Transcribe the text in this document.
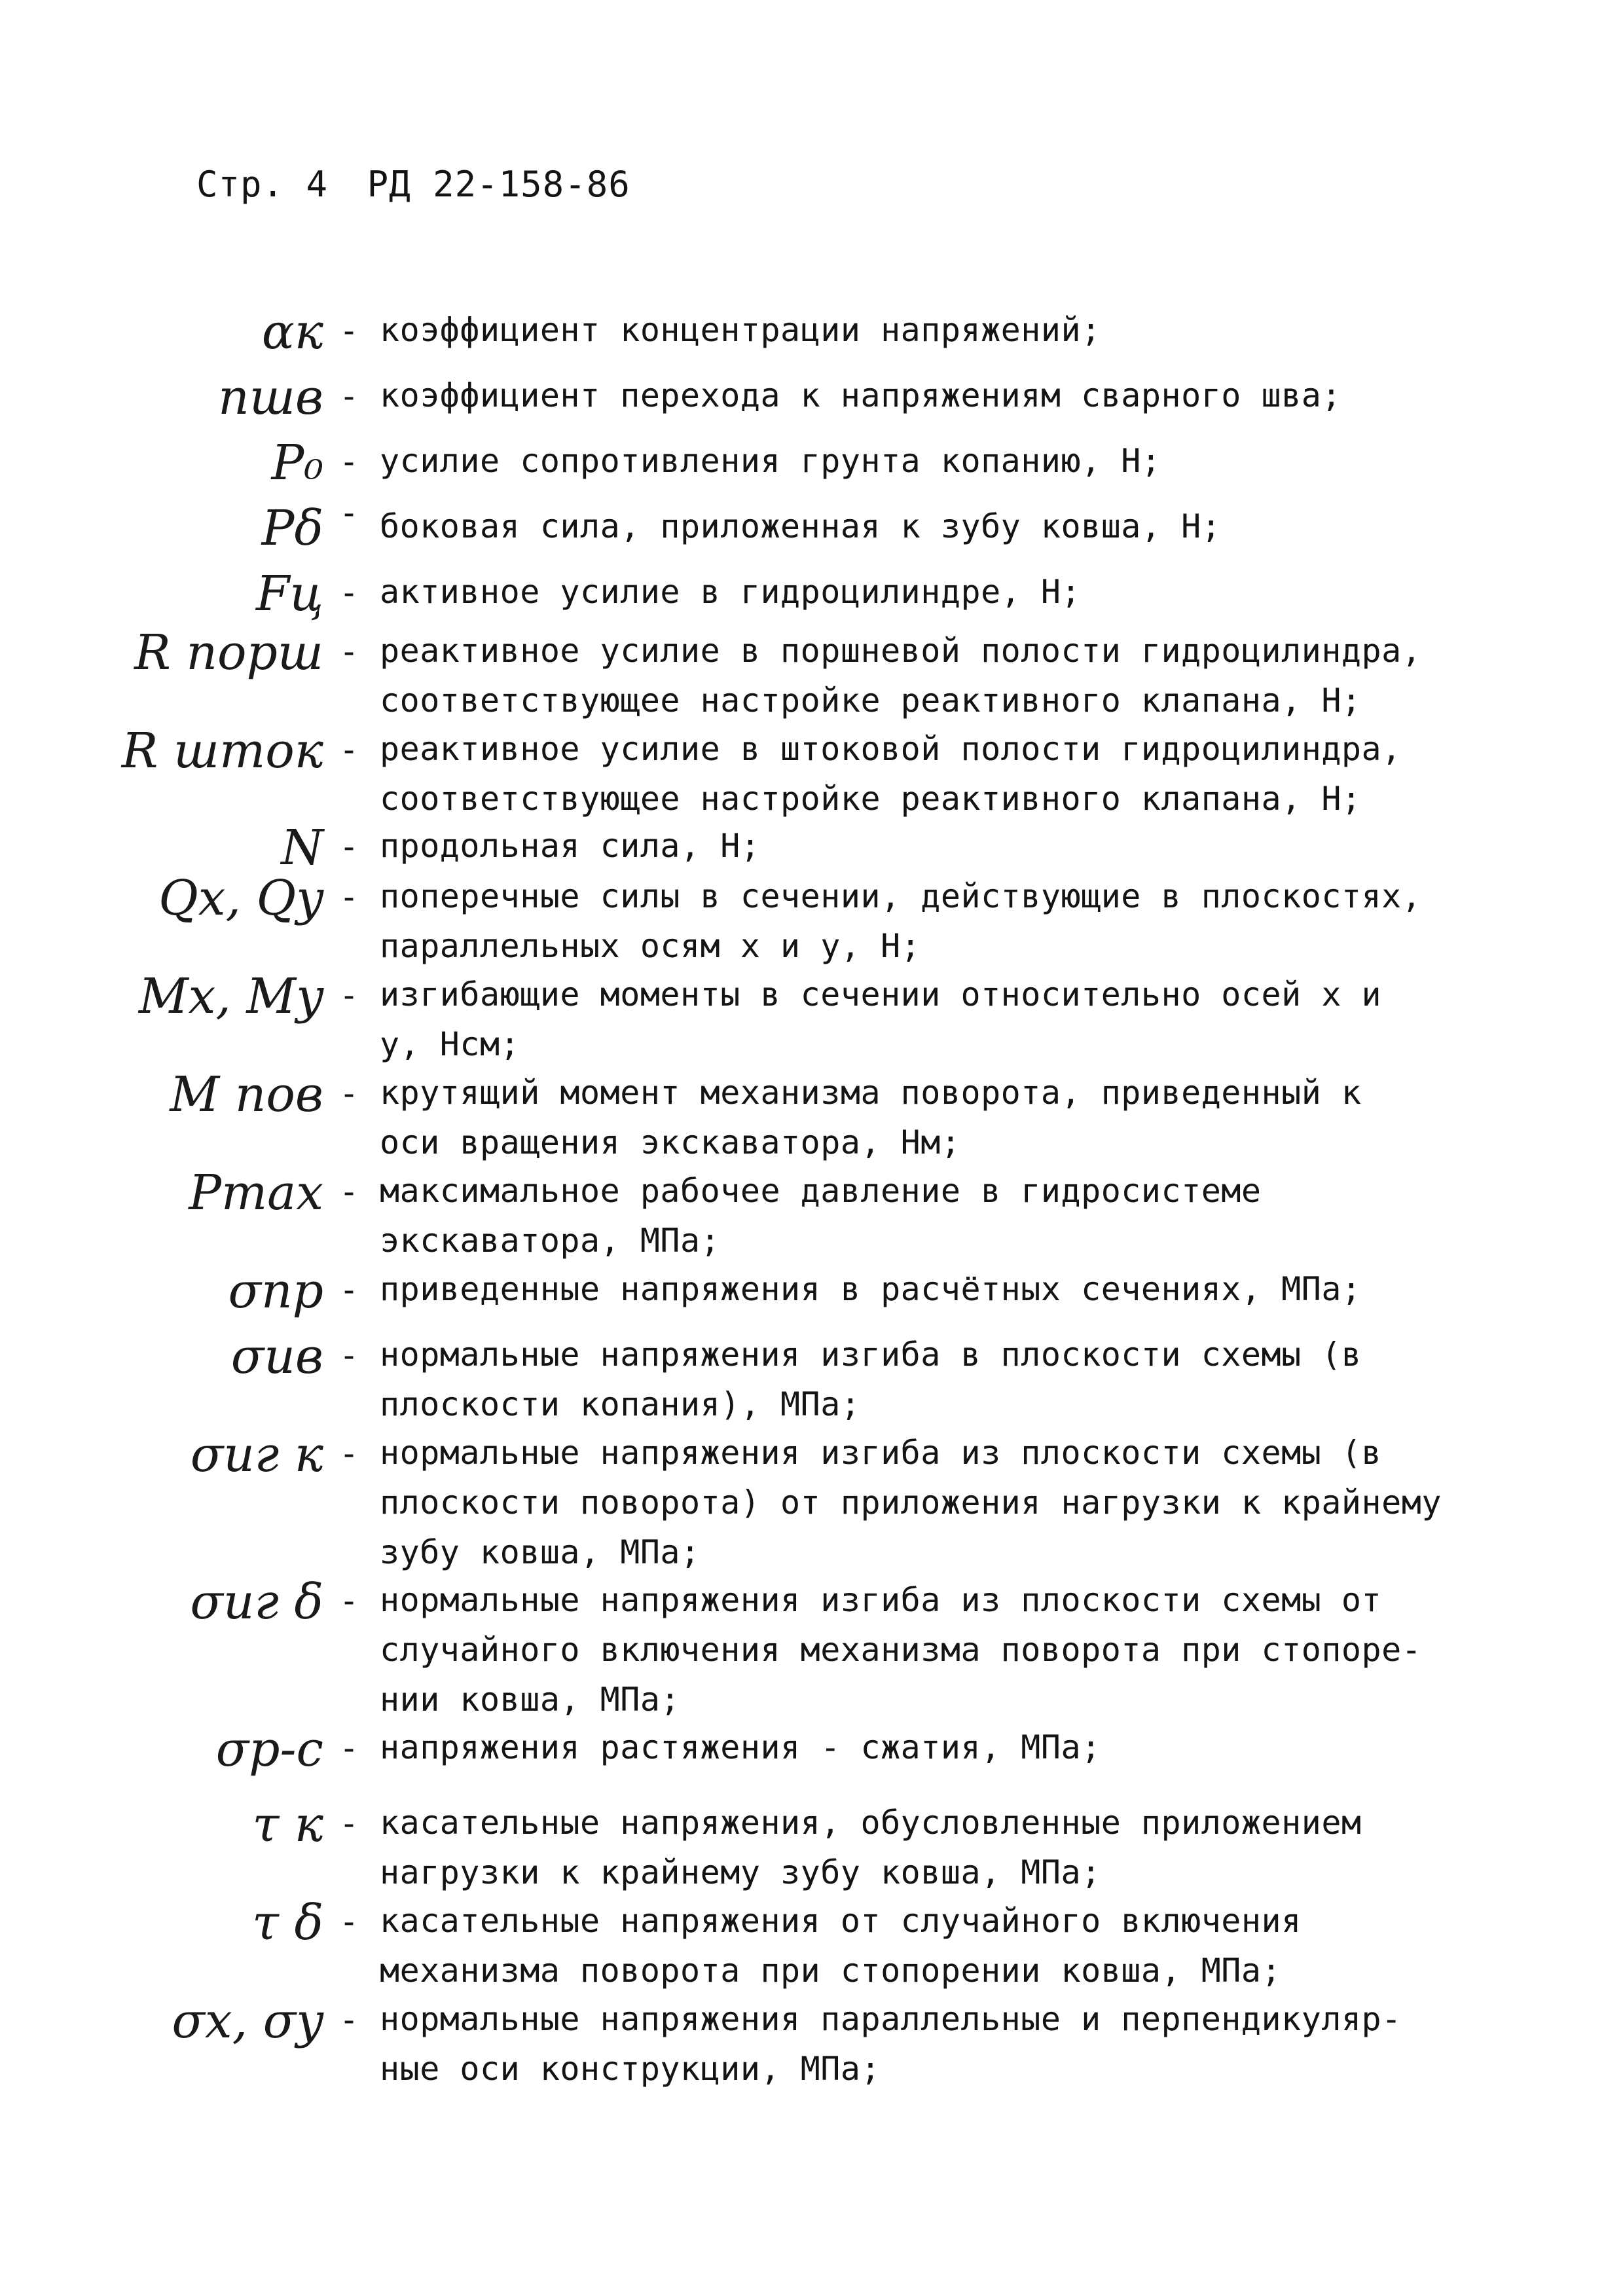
Стр. 4 РД 22-158-86
αк - коэффициент концентрации напряжений;
nшв - коэффициент перехода к напряжениям сварного шва;
P₀ - усилие сопротивления грунта копанию, Н;
Pδ - боковая сила, приложенная к зубу ковша, Н;
Fц - активное усилие в гидроцилиндре, Н;
R порш - реактивное усилие в поршневой полости гидроцилиндра,
соответствующее настройке реактивного клапана, Н;
R шток - реактивное усилие в штоковой полости гидроцилиндра,
соответствующее настройке реактивного клапана, Н;
N - продольная сила, Н;
Qx, Qy - поперечные силы в сечении, действующие в плоскостях,
параллельных осям x и у, Н;
Mx, My - изгибающие моменты в сечении относительно осей x и
у, Нсм;
M пов - крутящий момент механизма поворота, приведенный к
оси вращения экскаватора, Нм;
Pmax - максимальное рабочее давление в гидросистеме
экскаватора, МПа;
σпр - приведенные напряжения в расчётных сечениях, МПа;
σив - нормальные напряжения изгиба в плоскости схемы (в
плоскости копания), МПа;
σиг к - нормальные напряжения изгиба из плоскости схемы (в
плоскости поворота) от приложения нагрузки к крайнему
зубу ковша, МПа;
σиг δ - нормальные напряжения изгиба из плоскости схемы от
случайного включения механизма поворота при стопоре-
нии ковша, МПа;
σр-с - напряжения растяжения - сжатия, МПа;
τ к - касательные напряжения, обусловленные приложением
нагрузки к крайнему зубу ковша, МПа;
τ δ - касательные напряжения от случайного включения
механизма поворота при стопорении ковша, МПа;
σx, σy - нормальные напряжения параллельные и перпендикуляр-
ные оси конструкции, МПа;
